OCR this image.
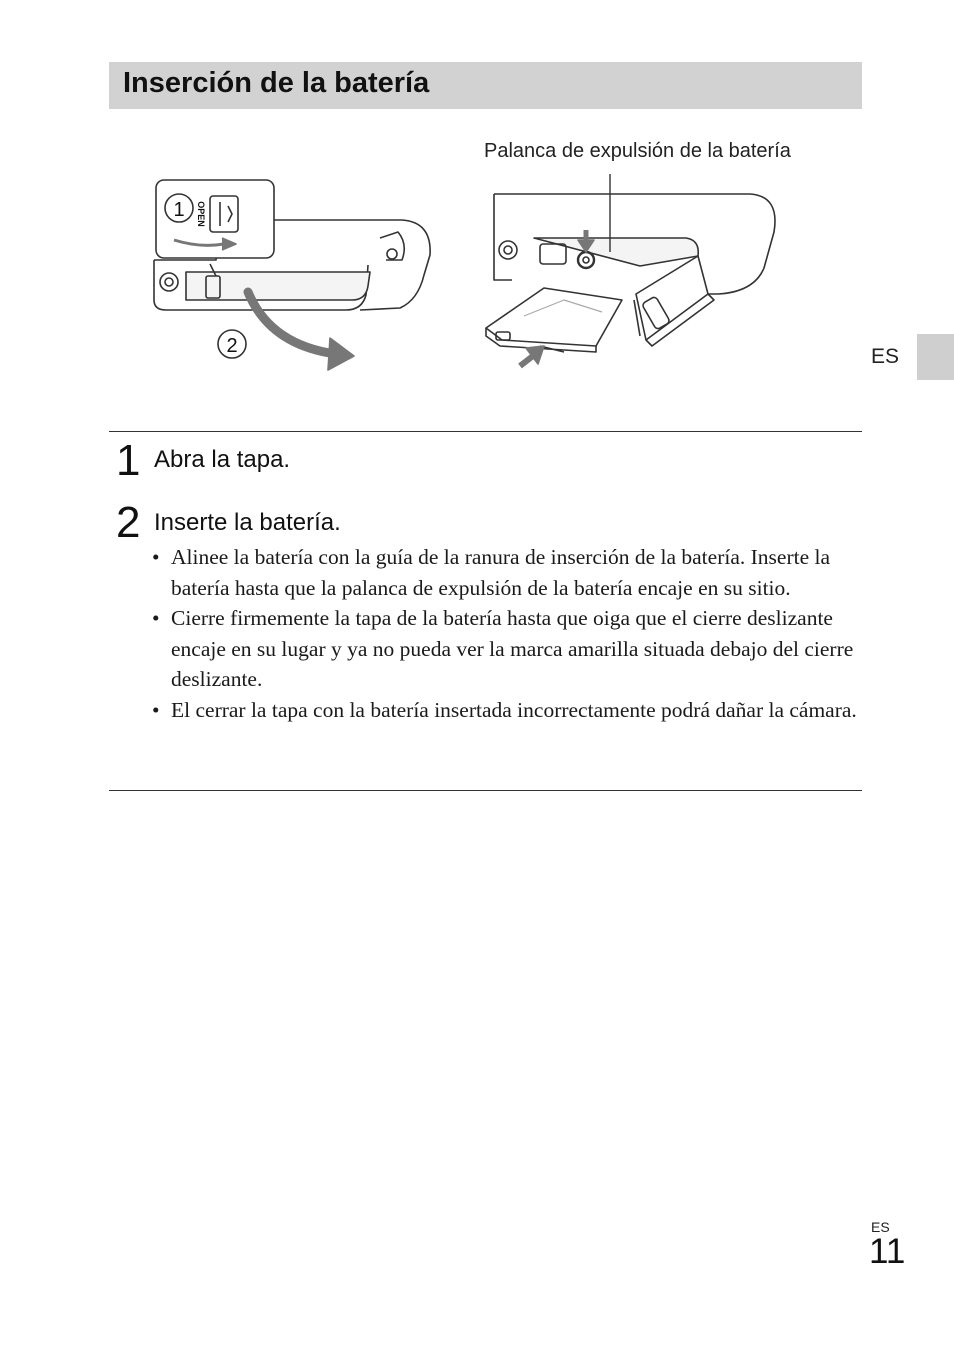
Inserción de la batería
Palanca de expulsión de la batería
1
2
OPEN
ES
1 Abra la tapa.
2 Inserte la batería.
• Alinee la batería con la guía de la ranura de inserción de la batería. Inserte la batería hasta que la palanca de expulsión de la batería encaje en su sitio.
• Cierre firmemente la tapa de la batería hasta que oiga que el cierre deslizante encaje en su lugar y ya no pueda ver la marca amarilla situada debajo del cierre deslizante.
• El cerrar la tapa con la batería insertada incorrectamente podrá dañar la cámara.
ES
11
